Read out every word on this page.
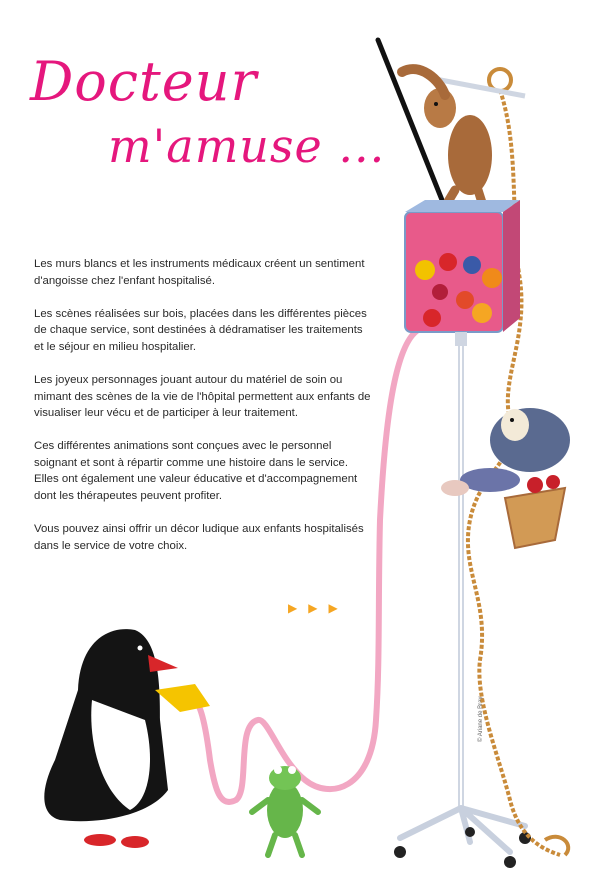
Docteur
m'amuse ...

Les murs blancs et les instruments médicaux créent un sentiment d'angoisse chez l'enfant hospitalisé.

Les scènes réalisées sur bois, placées dans les différentes pièces de chaque service, sont destinées à dédramatiser les traitements et le séjour en milieu hospitalier.

Les joyeux personnages jouant autour du matériel de soin ou mimant des scènes de la vie de l'hôpital permettent aux enfants de visualiser leur vécu et de participer à leur traitement.

Ces différentes animations sont conçues avec le personnel soignant et sont à répartir comme une histoire dans le service. Elles ont également une valeur éducative et d'accompagnement dont les thérapeutes peuvent profiter.

Vous pouvez ainsi offrir un décor ludique aux enfants hospitalisés dans le service de votre choix.

▶▶▶
© Ariane de Bray
